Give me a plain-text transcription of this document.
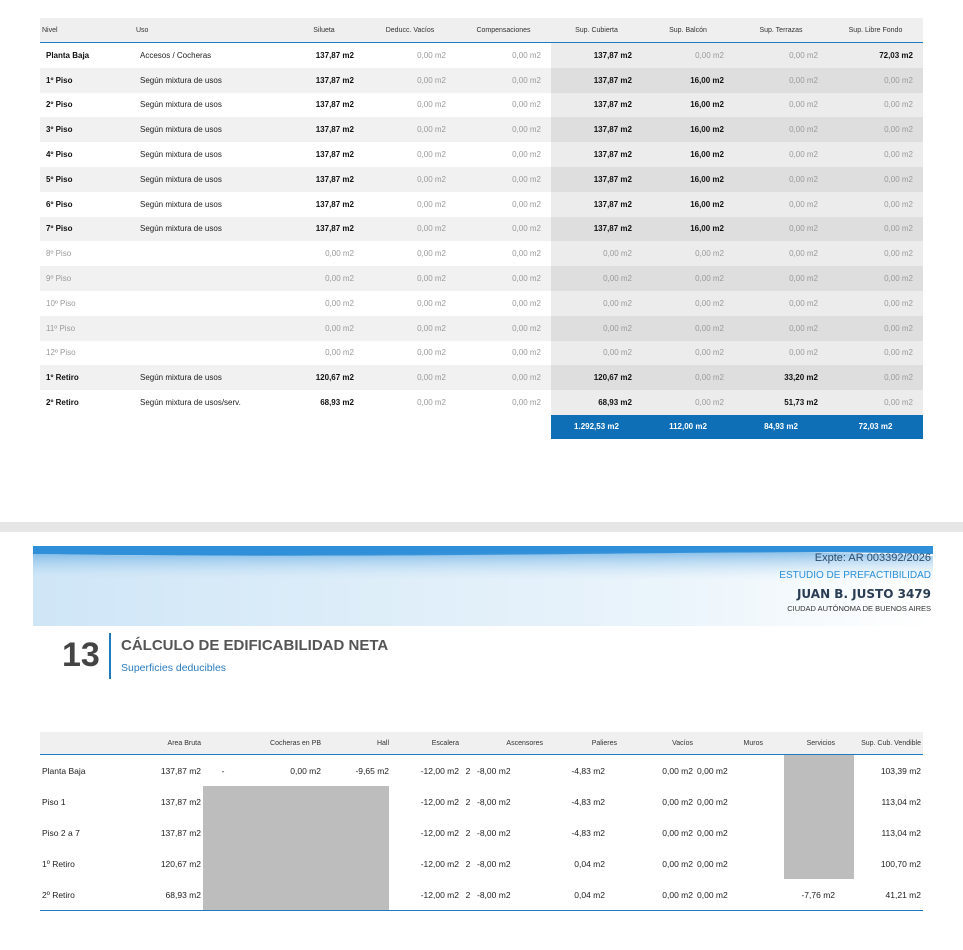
Nivel	Uso	Silueta	Deducc. Vacíos	Compensaciones	Sup. Cubierta	Sup. Balcón	Sup. Terrazas	Sup. Libre Fondo
Planta Baja	Accesos / Cocheras	137,87 m2	0,00 m2	0,00 m2	137,87 m2	0,00 m2	0,00 m2	72,03 m2
1º Piso	Según mixtura de usos	137,87 m2	0,00 m2	0,00 m2	137,87 m2	16,00 m2	0,00 m2	0,00 m2
2º Piso	Según mixtura de usos	137,87 m2	0,00 m2	0,00 m2	137,87 m2	16,00 m2	0,00 m2	0,00 m2
3º Piso	Según mixtura de usos	137,87 m2	0,00 m2	0,00 m2	137,87 m2	16,00 m2	0,00 m2	0,00 m2
4º Piso	Según mixtura de usos	137,87 m2	0,00 m2	0,00 m2	137,87 m2	16,00 m2	0,00 m2	0,00 m2
5º Piso	Según mixtura de usos	137,87 m2	0,00 m2	0,00 m2	137,87 m2	16,00 m2	0,00 m2	0,00 m2
6º Piso	Según mixtura de usos	137,87 m2	0,00 m2	0,00 m2	137,87 m2	16,00 m2	0,00 m2	0,00 m2
7º Piso	Según mixtura de usos	137,87 m2	0,00 m2	0,00 m2	137,87 m2	16,00 m2	0,00 m2	0,00 m2
8º Piso		0,00 m2	0,00 m2	0,00 m2	0,00 m2	0,00 m2	0,00 m2	0,00 m2
9º Piso		0,00 m2	0,00 m2	0,00 m2	0,00 m2	0,00 m2	0,00 m2	0,00 m2
10º Piso		0,00 m2	0,00 m2	0,00 m2	0,00 m2	0,00 m2	0,00 m2	0,00 m2
11º Piso		0,00 m2	0,00 m2	0,00 m2	0,00 m2	0,00 m2	0,00 m2	0,00 m2
12º Piso		0,00 m2	0,00 m2	0,00 m2	0,00 m2	0,00 m2	0,00 m2	0,00 m2
1º Retiro	Según mixtura de usos	120,67 m2	0,00 m2	0,00 m2	120,67 m2	0,00 m2	33,20 m2	0,00 m2
2º Retiro	Según mixtura de usos/serv.	68,93 m2	0,00 m2	0,00 m2	68,93 m2	0,00 m2	51,73 m2	0,00 m2
					1.292,53 m2	112,00 m2	84,93 m2	72,03 m2
Expte: AR 003392/2026
ESTUDIO DE PREFACTIBILIDAD
JUAN B. JUSTO 3479
CIUDAD AUTÓNOMA DE BUENOS AIRES
13 CÁLCULO DE EDIFICABILIDAD NETA
Superficies deducibles
	Area Bruta		Cocheras en PB	Hall	Escalera		Ascensores	Palieres	Vacíos	Muros	Servicios	Sup. Cub. Vendible
Planta Baja	137,87 m2	-	0,00 m2	-9,65 m2	-12,00 m2	2	-8,00 m2	-4,83 m2	0,00 m2	0,00 m2		103,39 m2
Piso 1	137,87 m2				-12,00 m2	2	-8,00 m2	-4,83 m2	0,00 m2	0,00 m2		113,04 m2
Piso 2 a 7	137,87 m2				-12,00 m2	2	-8,00 m2	-4,83 m2	0,00 m2	0,00 m2		113,04 m2
1º Retiro	120,67 m2				-12,00 m2	2	-8,00 m2	0,04 m2	0,00 m2	0,00 m2		100,70 m2
2º Retiro	68,93 m2				-12,00 m2	2	-8,00 m2	0,04 m2	0,00 m2	0,00 m2	-7,76 m2	41,21 m2
